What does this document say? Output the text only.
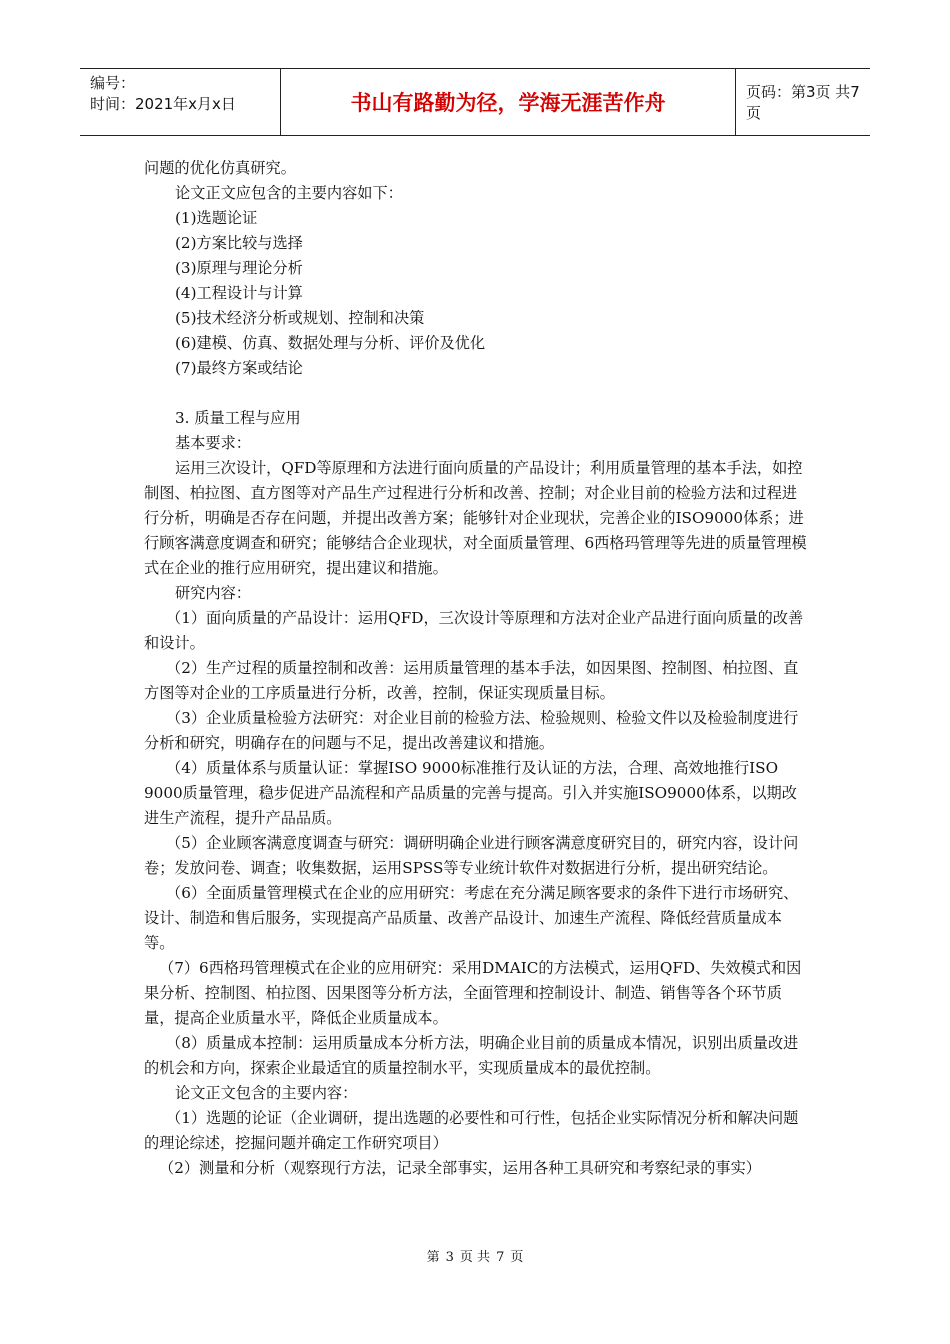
编号：
时间：2021年x月x日	书山有路勤为径，学海无涯苦作舟	页码：第3页 共7页

问题的优化仿真研究。

论文正文应包含的主要内容如下：

(1)选题论证

(2)方案比较与选择

(3)原理与理论分析

(4)工程设计与计算

(5)技术经济分析或规划、控制和决策

(6)建模、仿真、数据处理与分析、评价及优化

(7)最终方案或结论

3. 质量工程与应用

基本要求：

运用三次设计，QFD等原理和方法进行面向质量的产品设计；利用质量管理的基本手法，如控制图、柏拉图、直方图等对产品生产过程进行分析和改善、控制；对企业目前的检验方法和过程进行分析，明确是否存在问题，并提出改善方案；能够针对企业现状，完善企业的ISO9000体系；进行顾客满意度调查和研究；能够结合企业现状，对全面质量管理、6西格玛管理等先进的质量管理模式在企业的推行应用研究，提出建议和措施。

研究内容：

（1）面向质量的产品设计：运用QFD，三次设计等原理和方法对企业产品进行面向质量的改善和设计。

（2）生产过程的质量控制和改善：运用质量管理的基本手法，如因果图、控制图、柏拉图、直方图等对企业的工序质量进行分析，改善，控制，保证实现质量目标。

（3）企业质量检验方法研究：对企业目前的检验方法、检验规则、检验文件以及检验制度进行分析和研究，明确存在的问题与不足，提出改善建议和措施。

（4）质量体系与质量认证：掌握ISO 9000标准推行及认证的方法，合理、高效地推行ISO 9000质量管理，稳步促进产品流程和产品质量的完善与提高。引入并实施ISO9000体系，以期改进生产流程，提升产品品质。

（5）企业顾客满意度调查与研究：调研明确企业进行顾客满意度研究目的，研究内容，设计问卷；发放问卷、调查；收集数据，运用SPSS等专业统计软件对数据进行分析，提出研究结论。

（6）全面质量管理模式在企业的应用研究：考虑在充分满足顾客要求的条件下进行市场研究、设计、制造和售后服务，实现提高产品质量、改善产品设计、加速生产流程、降低经营质量成本等。

（7）6西格玛管理模式在企业的应用研究：采用DMAIC的方法模式，运用QFD、失效模式和因果分析、控制图、柏拉图、因果图等分析方法，全面管理和控制设计、制造、销售等各个环节质量，提高企业质量水平，降低企业质量成本。

（8）质量成本控制：运用质量成本分析方法，明确企业目前的质量成本情况，识别出质量改进的机会和方向，探索企业最适宜的质量控制水平，实现质量成本的最优控制。

论文正文包含的主要内容：

（1）选题的论证（企业调研，提出选题的必要性和可行性，包括企业实际情况分析和解决问题的理论综述，挖掘问题并确定工作研究项目）

（2）测量和分析（观察现行方法，记录全部事实，运用各种工具研究和考察纪录的事实）

第 3 页 共 7 页
